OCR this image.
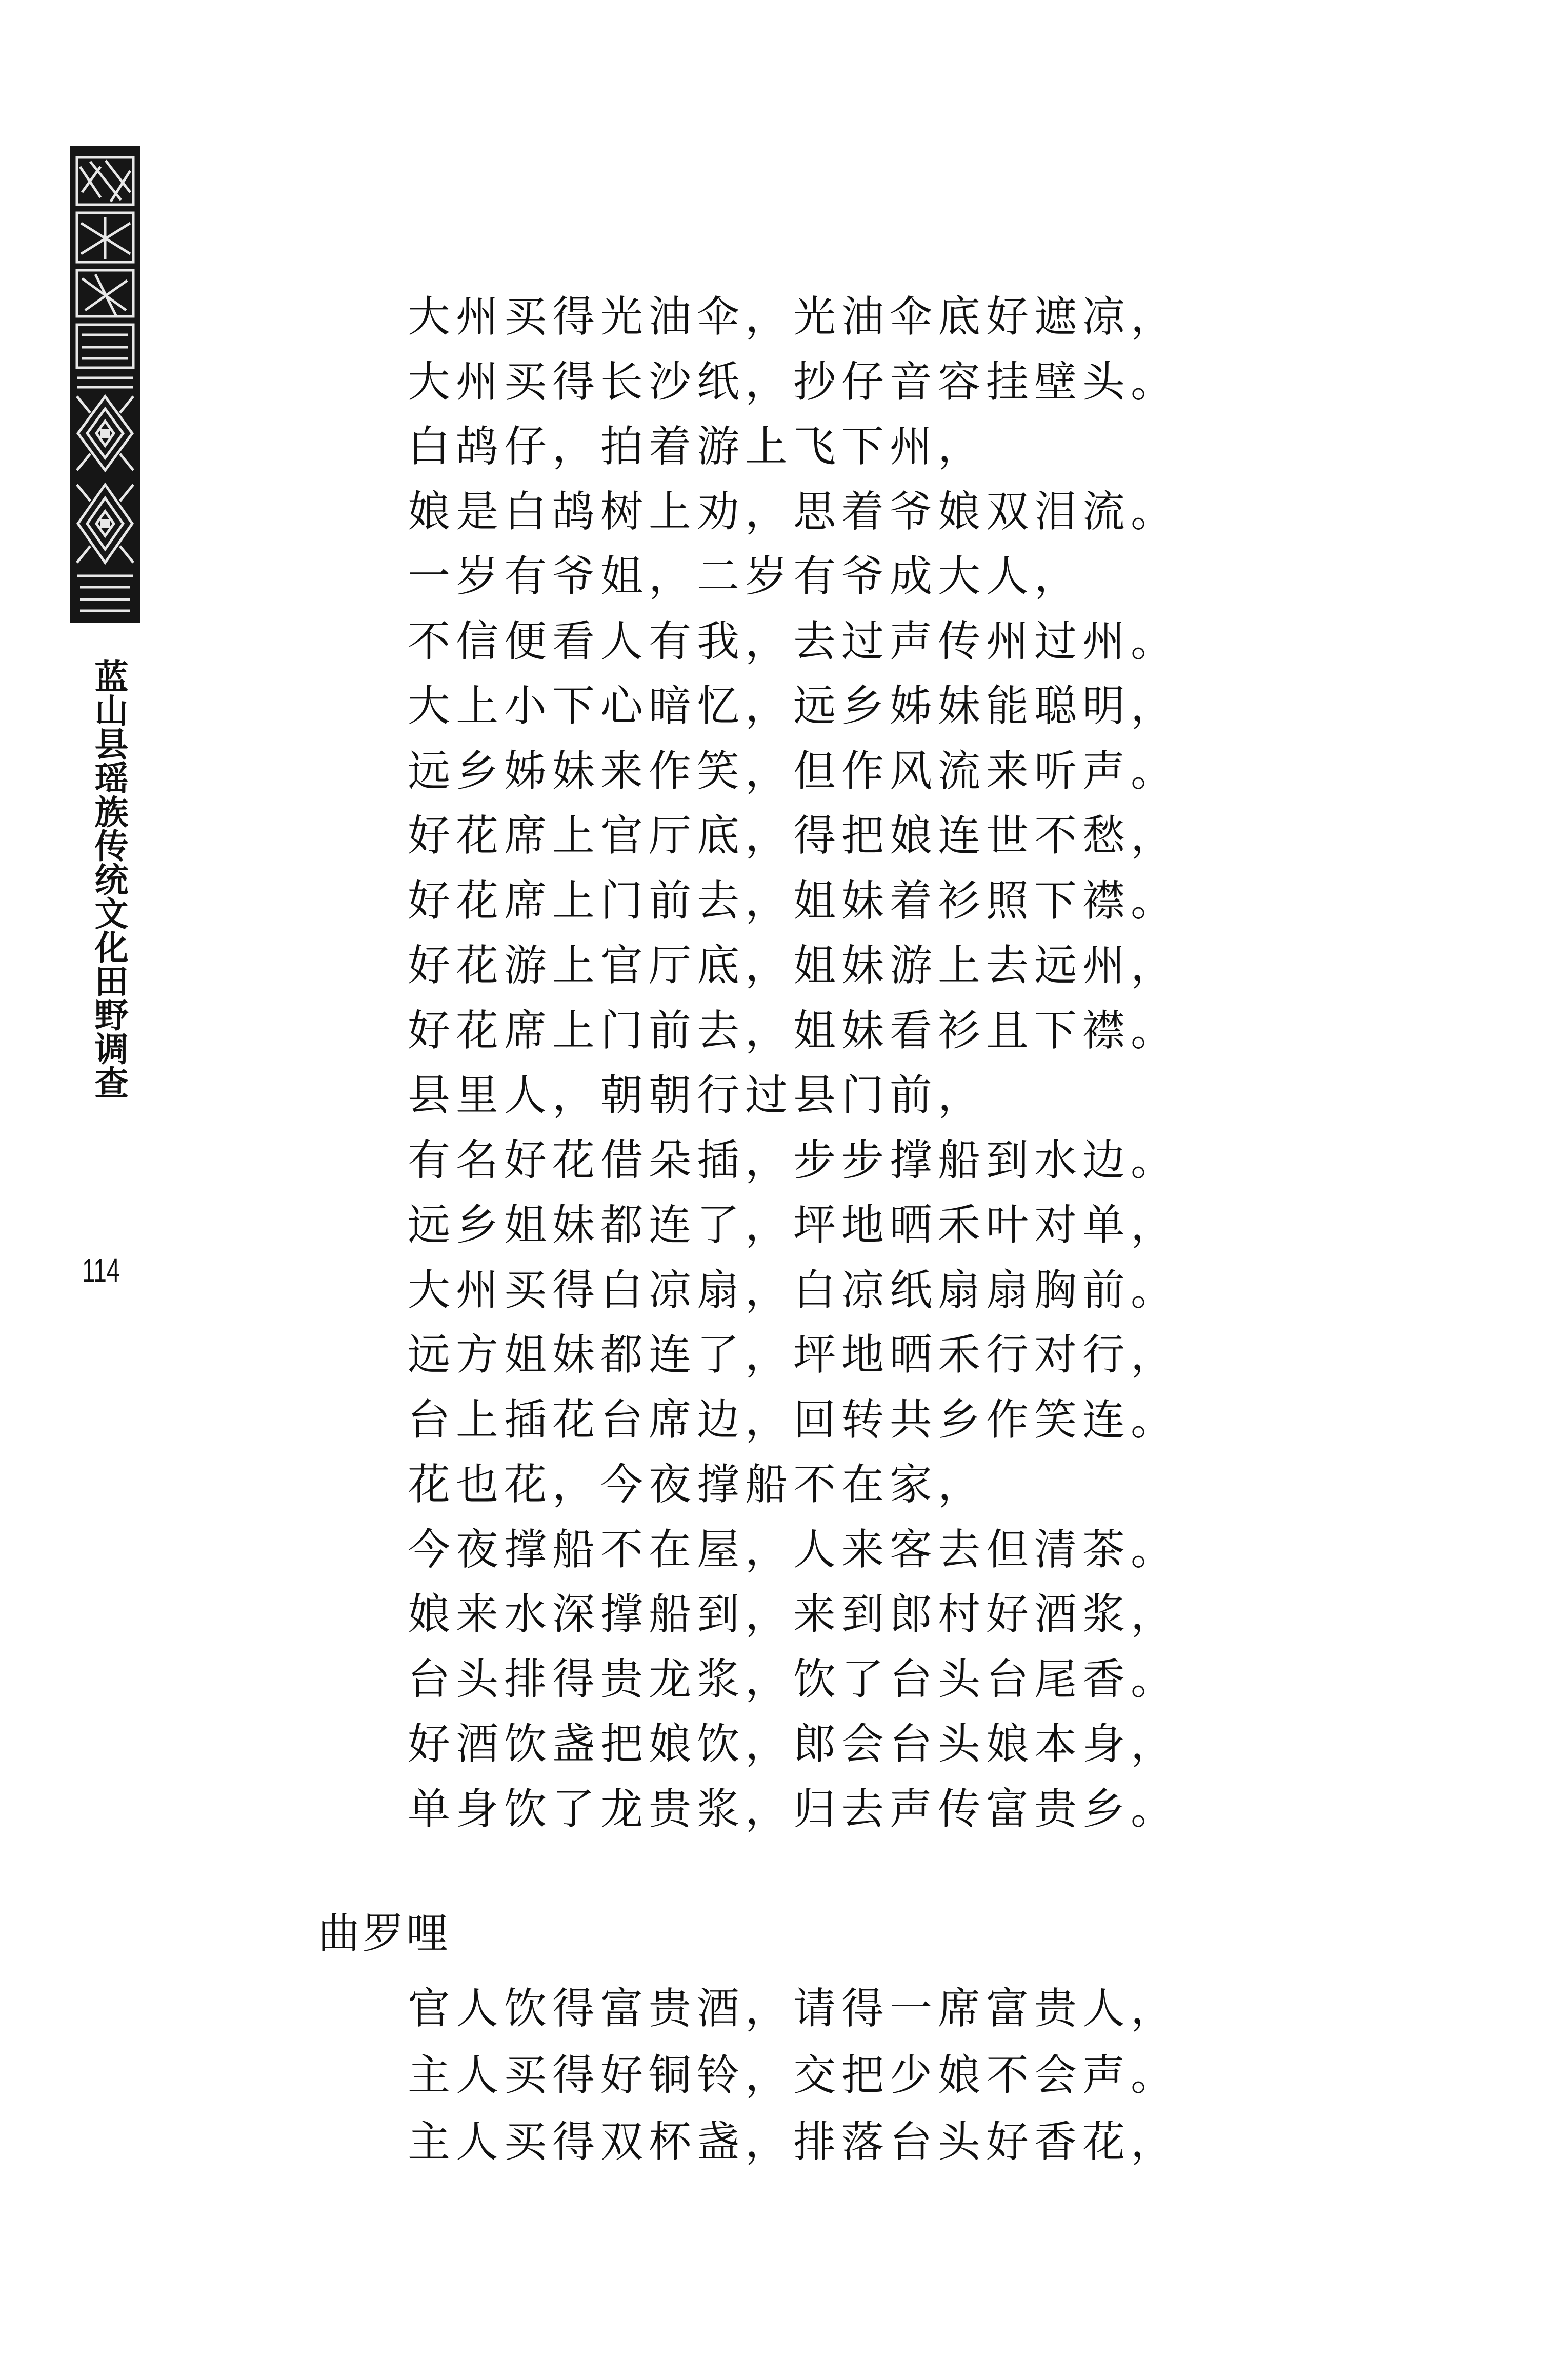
蓝山县瑶族传统文化田野调查
114
大州买得光油伞，光油伞底好遮凉，
大州买得长沙纸，抄仔音容挂壁头。
白鸪仔，拍着游上飞下州，
娘是白鸪树上劝，思着爷娘双泪流。
一岁有爷姐，二岁有爷成大人，
不信便看人有我，去过声传州过州。
大上小下心暗忆，远乡姊妹能聪明，
远乡姊妹来作笑，但作风流来听声。
好花席上官厅底，得把娘连世不愁，
好花席上门前去，姐妹着衫照下襟。
好花游上官厅底，姐妹游上去远州，
好花席上门前去，姐妹看衫且下襟。
县里人，朝朝行过县门前，
有名好花借朵插，步步撑船到水边。
远乡姐妹都连了，坪地晒禾叶对单，
大州买得白凉扇，白凉纸扇扇胸前。
远方姐妹都连了，坪地晒禾行对行，
台上插花台席边，回转共乡作笑连。
花也花，今夜撑船不在家，
今夜撑船不在屋，人来客去但清茶。
娘来水深撑船到，来到郎村好酒浆，
台头排得贵龙浆，饮了台头台尾香。
好酒饮盏把娘饮，郎会台头娘本身，
单身饮了龙贵浆，归去声传富贵乡。
曲罗哩
官人饮得富贵酒，请得一席富贵人，
主人买得好铜铃，交把少娘不会声。
主人买得双杯盏，排落台头好香花，
